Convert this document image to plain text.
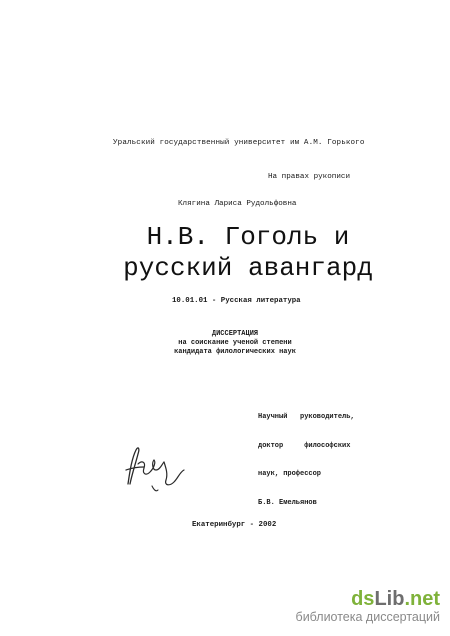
Уральский государственный университет им А.М. Горького
На правах рукописи
Клягина Лариса Рудольфовна
Н.В. Гоголь и
русский авангард
10.01.01 - Русская литература
ДИССЕРТАЦИЯ
на соискание ученой степени
кандидата филологических наук

Научный   руководитель,

доктор     философских

наук, профессор

Б.В. Емельянов

Екатеринбург - 2002
dsLib.net
библиотека диссертаций
